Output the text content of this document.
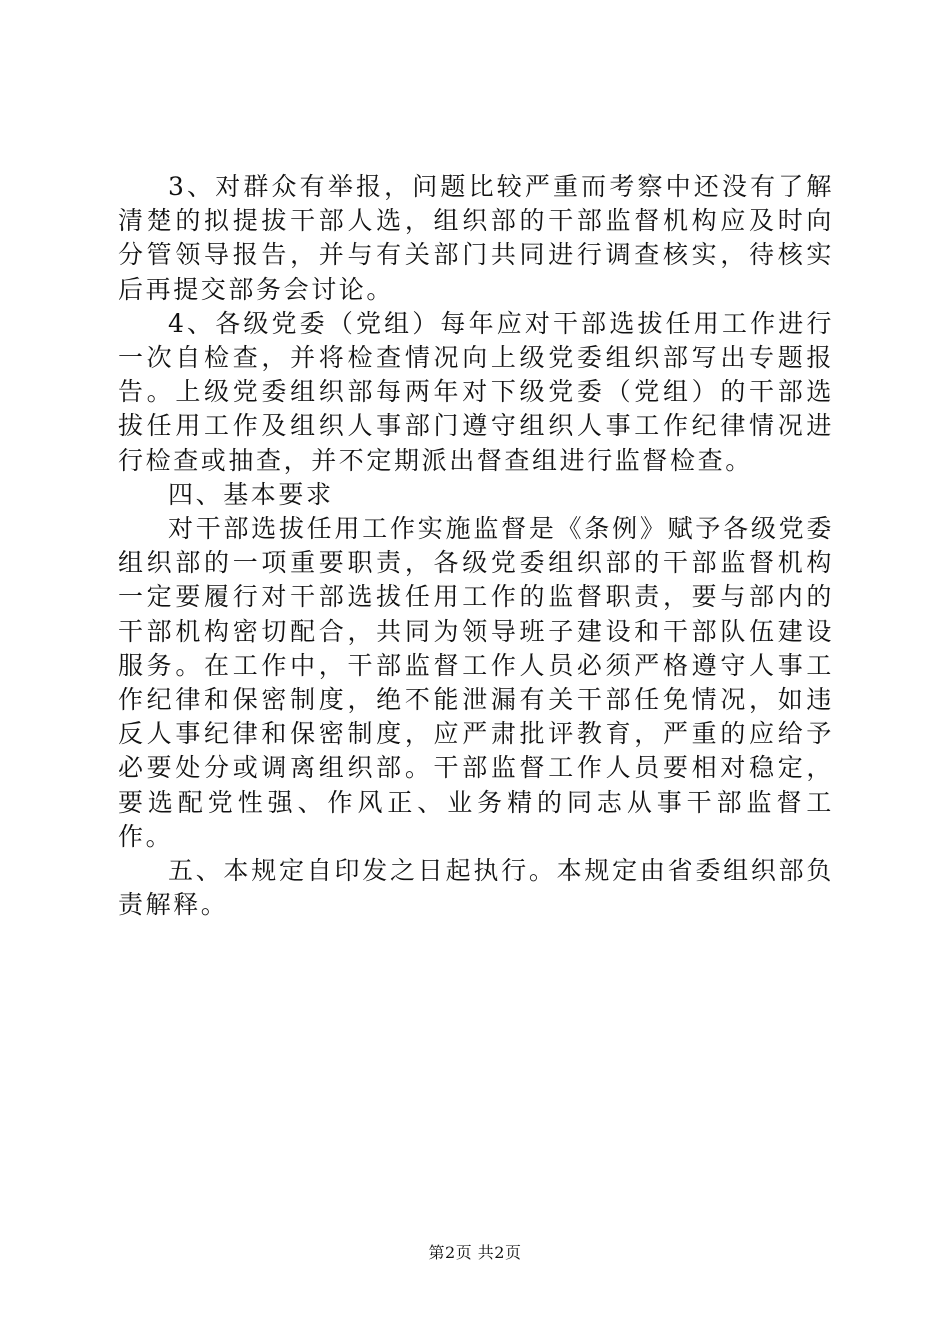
3、对群众有举报，问题比较严重而考察中还没有了解清楚的拟提拔干部人选，组织部的干部监督机构应及时向分管领导报告，并与有关部门共同进行调查核实，待核实后再提交部务会讨论。

4、各级党委（党组）每年应对干部选拔任用工作进行一次自检查，并将检查情况向上级党委组织部写出专题报告。上级党委组织部每两年对下级党委（党组）的干部选拔任用工作及组织人事部门遵守组织人事工作纪律情况进行检查或抽查，并不定期派出督查组进行监督检查。

四、基本要求

对干部选拔任用工作实施监督是《条例》赋予各级党委组织部的一项重要职责，各级党委组织部的干部监督机构一定要履行对干部选拔任用工作的监督职责，要与部内的干部机构密切配合，共同为领导班子建设和干部队伍建设服务。在工作中，干部监督工作人员必须严格遵守人事工作纪律和保密制度，绝不能泄漏有关干部任免情况，如违反人事纪律和保密制度，应严肃批评教育，严重的应给予必要处分或调离组织部。干部监督工作人员要相对稳定，要选配党性强、作风正、业务精的同志从事干部监督工作。

五、本规定自印发之日起执行。本规定由省委组织部负责解释。

第2页 共2页
